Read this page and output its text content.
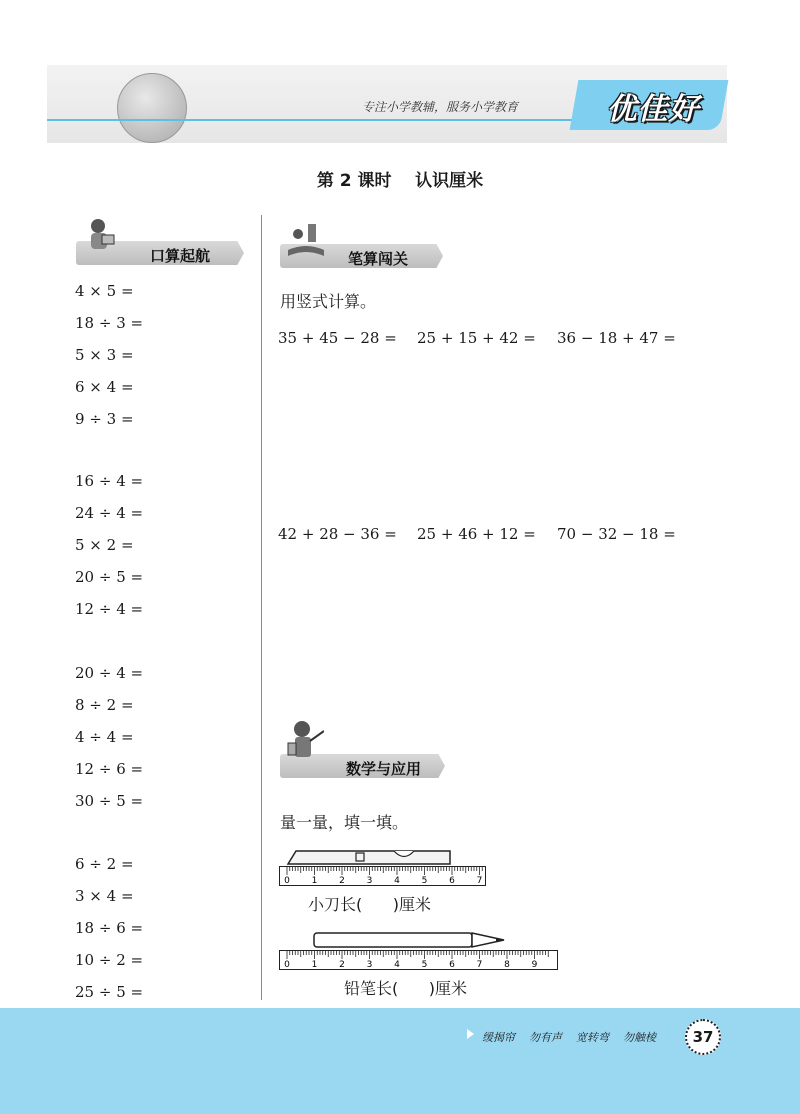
专注小学教辅，服务小学教育	优佳好
第 2 课时    认识厘米
口算起航
4 × 5 =
18 ÷ 3 =
5 × 3 =
6 × 4 =
9 ÷ 3 =
16 ÷ 4 =
24 ÷ 4 =
5 × 2 =
20 ÷ 5 =
12 ÷ 4 =
20 ÷ 4 =
8 ÷ 2 =
4 ÷ 4 =
12 ÷ 6 =
30 ÷ 5 =
6 ÷ 2 =
3 × 4 =
18 ÷ 6 =
10 ÷ 2 =
25 ÷ 5 =
笔算闯关
用竖式计算。
35 + 45 − 28 = 25 + 15 + 42 = 36 − 18 + 47 =
42 + 28 − 36 = 25 + 46 + 12 = 70 − 32 − 18 =
数学与应用
量一量，填一填。
0 1 2 3 4 5 6 7
小刀长(      )厘米
0 1 2 3 4 5 6 7 8 9
铅笔长(      )厘米
缓揭帘    勿有声    宽转弯    勿触棱	37
